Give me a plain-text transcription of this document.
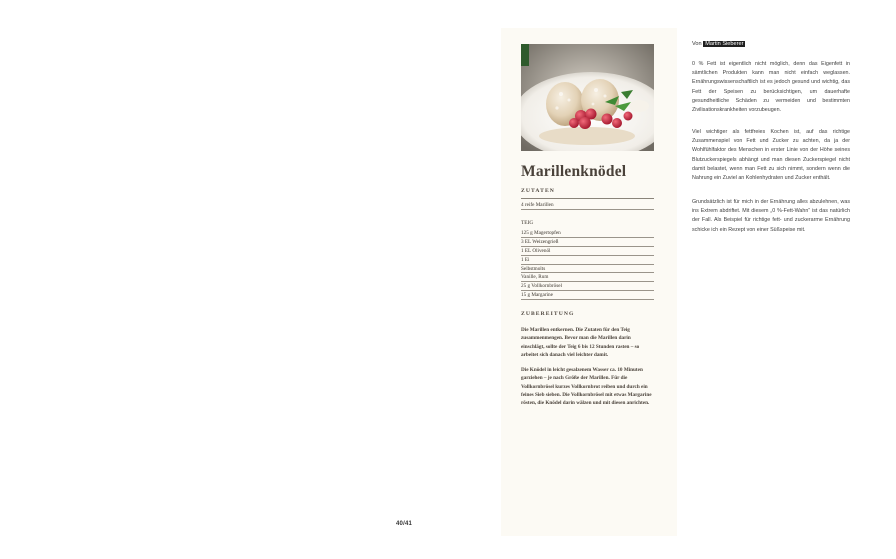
40/41
Marillenknödel
ZUTATEN
4 reife Marillen
TEIG
125 g Magertopfen
3 EL Weizengrieß
1 EL Olivenöl
1 Ei
Selbstmolts
Vanille, Rum
25 g Vollkornbrösel
15 g Margarine
ZUBEREITUNG
Die Marillen entkernen. Die Zutaten für den Teig zusammenmengen. Bevor man die Marillen darin einschlägt, sollte der Teig 6 bis 12 Stunden rasten – so arbeitet sich danach viel leichter damit.
Die Knödel in leicht gesalzenem Wasser ca. 10 Minuten garziehen – je nach Größe der Marillen. Für die Vollkornbrösel kurzes Vollkornbrot reiben und durch ein feines Sieb sieben. Die Vollkornbrösel mit etwas Margarine rösten, die Knödel darin wälzen und mit diesen anrichten.
Von Martin Sieberer
0 % Fett ist eigentlich nicht möglich, denn das Eigenfett in sämtlichen Produkten kann man nicht einfach weglassen. Ernährungswissenschaftlich ist es jedoch gesund und wichtig, das Fett der Speisen zu berücksichtigen, um dauerhafte gesundheitliche Schäden zu vermeiden und bestimmten Zivilisationskrankheiten vorzubeugen.
Viel wichtiger als fettfreies Kochen ist, auf das richtige Zusammenspiel von Fett und Zucker zu achten, da ja der Wohlfühlfaktor des Menschen in erster Linie von der Höhe seines Blutzuckerspiegels abhängt und man diesen Zuckerspiegel nicht damit belastet, wenn man Fett zu sich nimmt, sondern wenn die Nahrung ein Zuviel an Kohlenhydraten und Zucker enthält.
Grundsätzlich ist für mich in der Ernährung alles abzulehnen, was ins Extrem abdriftet. Mit diesem „0 %-Fett-Wahn“ ist das natürlich der Fall. Als Beispiel für richtige fett- und zuckerarme Ernährung schicke ich ein Rezept von einer Süßspeise mit.
